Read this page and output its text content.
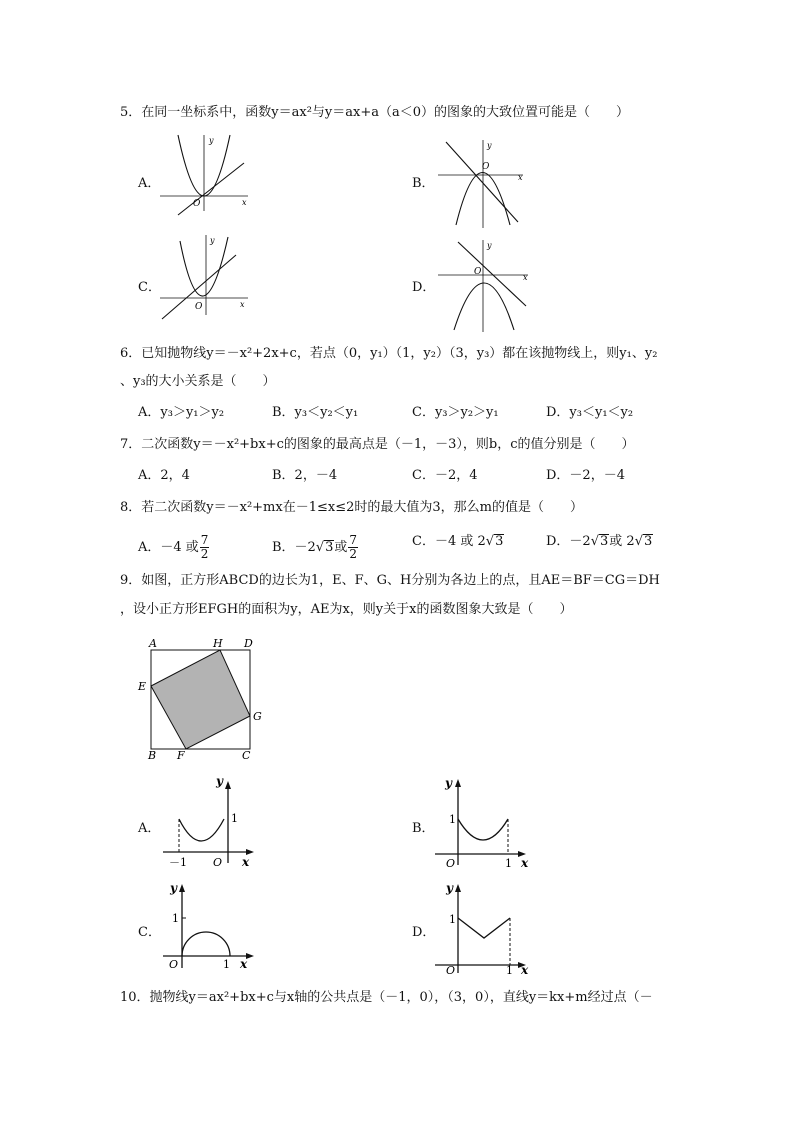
5．在同一坐标系中，函数y＝ax²与y＝ax+a（a＜0）的图象的大致位置可能是（　　）
A．
y
x
O
B．
y
x
O
C．
y
x
O
D．
y
x
O
6．已知抛物线y＝－x²+2x+c，若点（0，y₁）（1，y₂）（3，y₃）都在该抛物线上，则y₁、y₂
、y₃的大小关系是（　　）
A．y₃＞y₁＞y₂	B．y₃＜y₂＜y₁	C．y₃＞y₂＞y₁	D．y₃＜y₁＜y₂
7．二次函数y＝－x²+bx+c的图象的最高点是（－1，－3），则b，c的值分别是（　　）
A．2，4	B．2，－4	C．－2，4	D．－2，－4
8．若二次函数y＝－x²+mx在－1≤x≤2时的最大值为3，那么m的值是（　　）
A．－4 或 $\frac{7}{2}$	B．－2√3或 $\frac{7}{2}$	C．－4 或 2√3	D．－2√3或 2√3
9．如图，正方形ABCD的边长为1，E、F、G、H分别为各边上的点，且AE＝BF＝CG＝DH
，设小正方形EFGH的面积为y，AE为x，则y关于x的函数图象大致是（　　）
A	H D
E
G
B F	C
A．
y
x
－1 O
1
B．
y
x
O	1
1
C．
y
x
O	1
1
D．
y
x
O	1
1
10．抛物线y＝ax²+bx+c与x轴的公共点是（－1，0），（3，0），直线y＝kx+m经过点（－
